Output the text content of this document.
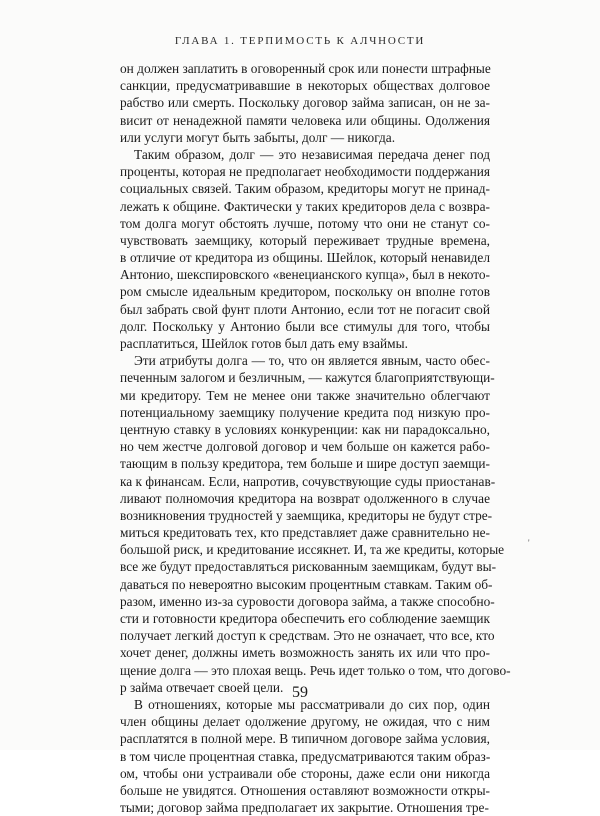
ГЛАВА 1. ТЕРПИМОСТЬ К АЛЧНОСТИ
он должен заплатить в оговоренный срок или понести штрафные
санкции, предусматривавшие в некоторых обществах долговое
рабство или смерть. Поскольку договор займа записан, он не за-
висит от ненадежной памяти человека или общины. Одолжения
или услуги могут быть забыты, долг — никогда.
Таким образом, долг — это независимая передача денег под
проценты, которая не предполагает необходимости поддержания
социальных связей. Таким образом, кредиторы могут не принад-
лежать к общине. Фактически у таких кредиторов дела с возвра-
том долга могут обстоять лучше, потому что они не станут со-
чувствовать заемщику, который переживает трудные времена,
в отличие от кредитора из общины. Шейлок, который ненавидел
Антонио, шекспировского «венецианского купца», был в некото-
ром смысле идеальным кредитором, поскольку он вполне готов
был забрать свой фунт плоти Антонио, если тот не погасит свой
долг. Поскольку у Антонио были все стимулы для того, чтобы
расплатиться, Шейлок готов был дать ему взаймы.
Эти атрибуты долга — то, что он является явным, часто обес-
печенным залогом и безличным, — кажутся благоприятствующи-
ми кредитору. Тем не менее они также значительно облегчают
потенциальному заемщику получение кредита под низкую про-
центную ставку в условиях конкуренции: как ни парадоксально,
но чем жестче долговой договор и чем больше он кажется рабо-
тающим в пользу кредитора, тем больше и шире доступ заемщи-
ка к финансам. Если, напротив, сочувствующие суды приостанав-
ливают полномочия кредитора на возврат одолженного в случае
возникновения трудностей у заемщика, кредиторы не будут стре-
миться кредитовать тех, кто представляет даже сравнительно не-
большой риск, и кредитование иссякнет. И, та же кредиты, которые
все же будут предоставляться рискованным заемщикам, будут вы-
даваться по невероятно высоким процентным ставкам. Таким об-
разом, именно из-за суровости договора займа, а также способно-
сти и готовности кредитора обеспечить его соблюдение заемщик
получает легкий доступ к средствам. Это не означает, что все, кто
хочет денег, должны иметь возможность занять их или что про-
щение долга — это плохая вещь. Речь идет только о том, что догово-
р займа отвечает своей цели.
В отношениях, которые мы рассматривали до сих пор, один
член общины делает одолжение другому, не ожидая, что с ним
расплатятся в полной мере. В типичном договоре займа условия,
в том числе процентная ставка, предусматриваются таким образ-
ом, чтобы они устраивали обе стороны, даже если они никогда
больше не увидятся. Отношения оставляют возможности откры-
тыми; договор займа предполагает их закрытие. Отношения тре-
'
59
